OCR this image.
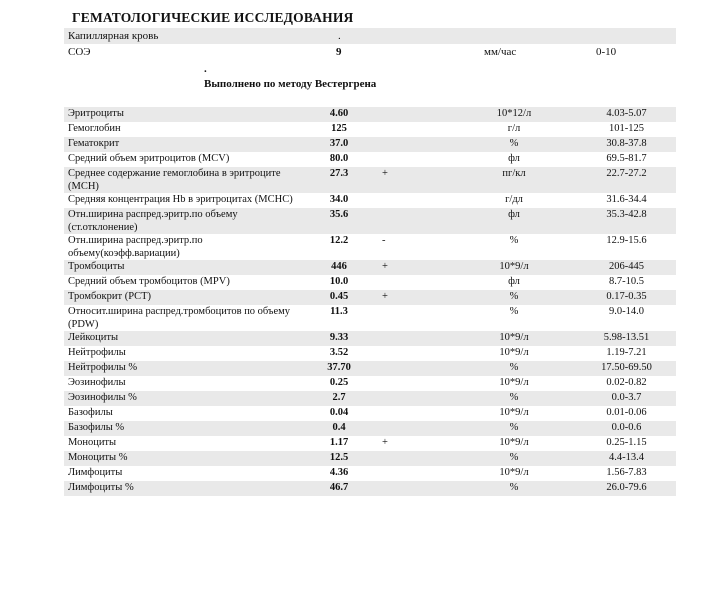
ГЕМАТОЛОГИЧЕСКИЕ ИССЛЕДОВАНИЯ
Капиллярная кровь	.
СОЭ	9	мм/час	0-10
.
Выполнено по методу Вестергрена
Эритроциты	4.60		10*12/л	4.03-5.07
Гемоглобин	125		г/л	101-125
Гематокрит	37.0		%	30.8-37.8
Средний объем эритроцитов (MCV)	80.0		фл	69.5-81.7
Среднее содержание гемоглобина в эритроците (MCH)	27.3	+	пг/кл	22.7-27.2
Средняя концентрация Hb в эритроцитах (MCHC)	34.0		г/дл	31.6-34.4
Отн.ширина распред.эритр.по объему (ст.отклонение)	35.6		фл	35.3-42.8
Отн.ширина распред.эритр.по объему(коэфф.вариации)	12.2	-	%	12.9-15.6
Тромбоциты	446	+	10*9/л	206-445
Средний объем тромбоцитов (MPV)	10.0		фл	8.7-10.5
Тромбокрит (PCT)	0.45	+	%	0.17-0.35
Относит.ширина распред.тромбоцитов по объему (PDW)	11.3		%	9.0-14.0
Лейкоциты	9.33		10*9/л	5.98-13.51
Нейтрофилы	3.52		10*9/л	1.19-7.21
Нейтрофилы %	37.70		%	17.50-69.50
Эозинофилы	0.25		10*9/л	0.02-0.82
Эозинофилы %	2.7		%	0.0-3.7
Базофилы	0.04		10*9/л	0.01-0.06
Базофилы %	0.4		%	0.0-0.6
Моноциты	1.17	+	10*9/л	0.25-1.15
Моноциты %	12.5		%	4.4-13.4
Лимфоциты	4.36		10*9/л	1.56-7.83
Лимфоциты %	46.7		%	26.0-79.6
